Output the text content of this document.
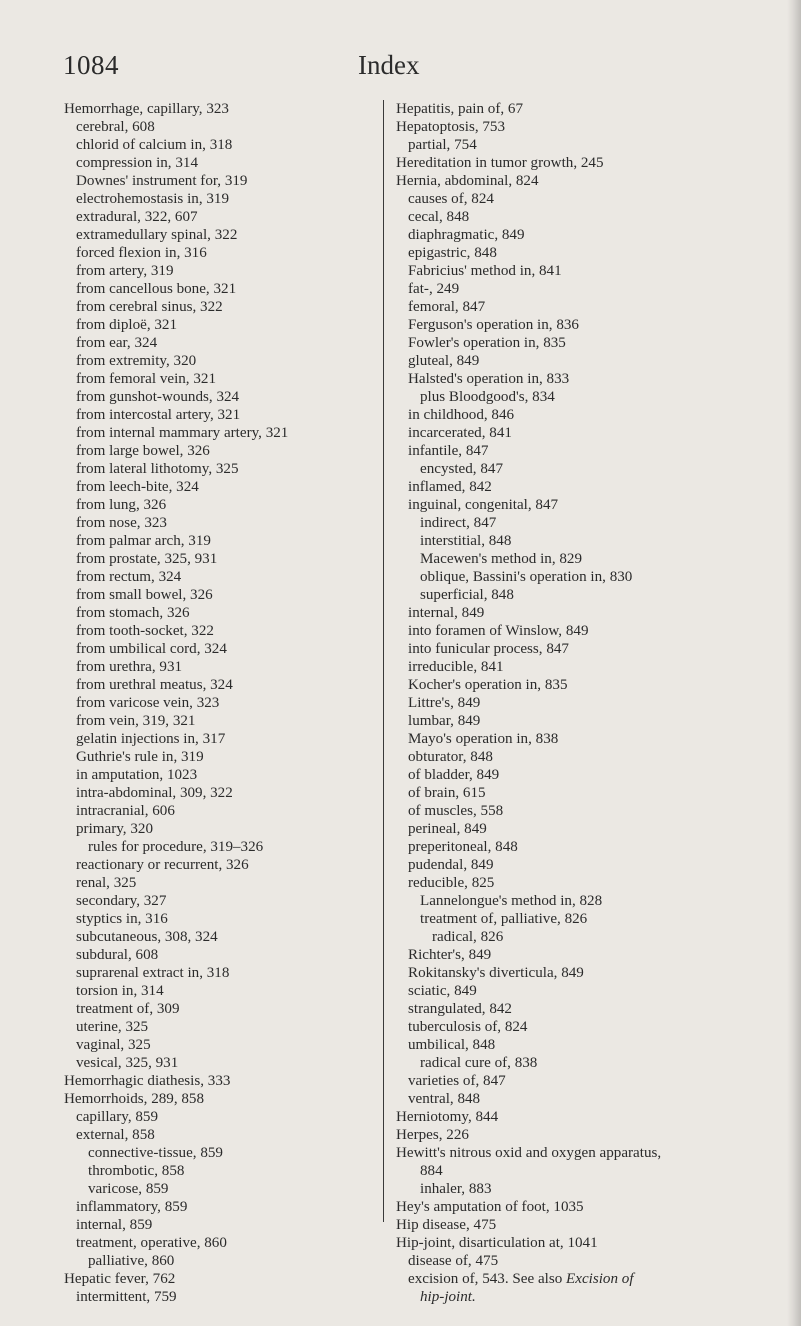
1084	Index
Hemorrhage, capillary, 323
cerebral, 608
chlorid of calcium in, 318
compression in, 314
Downes' instrument for, 319
electrohemostasis in, 319
extradural, 322, 607
extramedullary spinal, 322
forced flexion in, 316
from artery, 319
from cancellous bone, 321
from cerebral sinus, 322
from diploë, 321
from ear, 324
from extremity, 320
from femoral vein, 321
from gunshot-wounds, 324
from intercostal artery, 321
from internal mammary artery, 321
from large bowel, 326
from lateral lithotomy, 325
from leech-bite, 324
from lung, 326
from nose, 323
from palmar arch, 319
from prostate, 325, 931
from rectum, 324
from small bowel, 326
from stomach, 326
from tooth-socket, 322
from umbilical cord, 324
from urethra, 931
from urethral meatus, 324
from varicose vein, 323
from vein, 319, 321
gelatin injections in, 317
Guthrie's rule in, 319
in amputation, 1023
intra-abdominal, 309, 322
intracranial, 606
primary, 320
rules for procedure, 319–326
reactionary or recurrent, 326
renal, 325
secondary, 327
styptics in, 316
subcutaneous, 308, 324
subdural, 608
suprarenal extract in, 318
torsion in, 314
treatment of, 309
uterine, 325
vaginal, 325
vesical, 325, 931
Hemorrhagic diathesis, 333
Hemorrhoids, 289, 858
capillary, 859
external, 858
connective-tissue, 859
thrombotic, 858
varicose, 859
inflammatory, 859
internal, 859
treatment, operative, 860
palliative, 860
Hepatic fever, 762
intermittent, 759
Hepatitis, pain of, 67
Hepatoptosis, 753
partial, 754
Hereditation in tumor growth, 245
Hernia, abdominal, 824
causes of, 824
cecal, 848
diaphragmatic, 849
epigastric, 848
Fabricius' method in, 841
fat-, 249
femoral, 847
Ferguson's operation in, 836
Fowler's operation in, 835
gluteal, 849
Halsted's operation in, 833
plus Bloodgood's, 834
in childhood, 846
incarcerated, 841
infantile, 847
encysted, 847
inflamed, 842
inguinal, congenital, 847
indirect, 847
interstitial, 848
Macewen's method in, 829
oblique, Bassini's operation in, 830
superficial, 848
internal, 849
into foramen of Winslow, 849
into funicular process, 847
irreducible, 841
Kocher's operation in, 835
Littre's, 849
lumbar, 849
Mayo's operation in, 838
obturator, 848
of bladder, 849
of brain, 615
of muscles, 558
perineal, 849
preperitoneal, 848
pudendal, 849
reducible, 825
Lannelongue's method in, 828
treatment of, palliative, 826
radical, 826
Richter's, 849
Rokitansky's diverticula, 849
sciatic, 849
strangulated, 842
tuberculosis of, 824
umbilical, 848
radical cure of, 838
varieties of, 847
ventral, 848
Herniotomy, 844
Herpes, 226
Hewitt's nitrous oxid and oxygen apparatus,
884
inhaler, 883
Hey's amputation of foot, 1035
Hip disease, 475
Hip-joint, disarticulation at, 1041
disease of, 475
excision of, 543. See also Excision of
hip-joint.
